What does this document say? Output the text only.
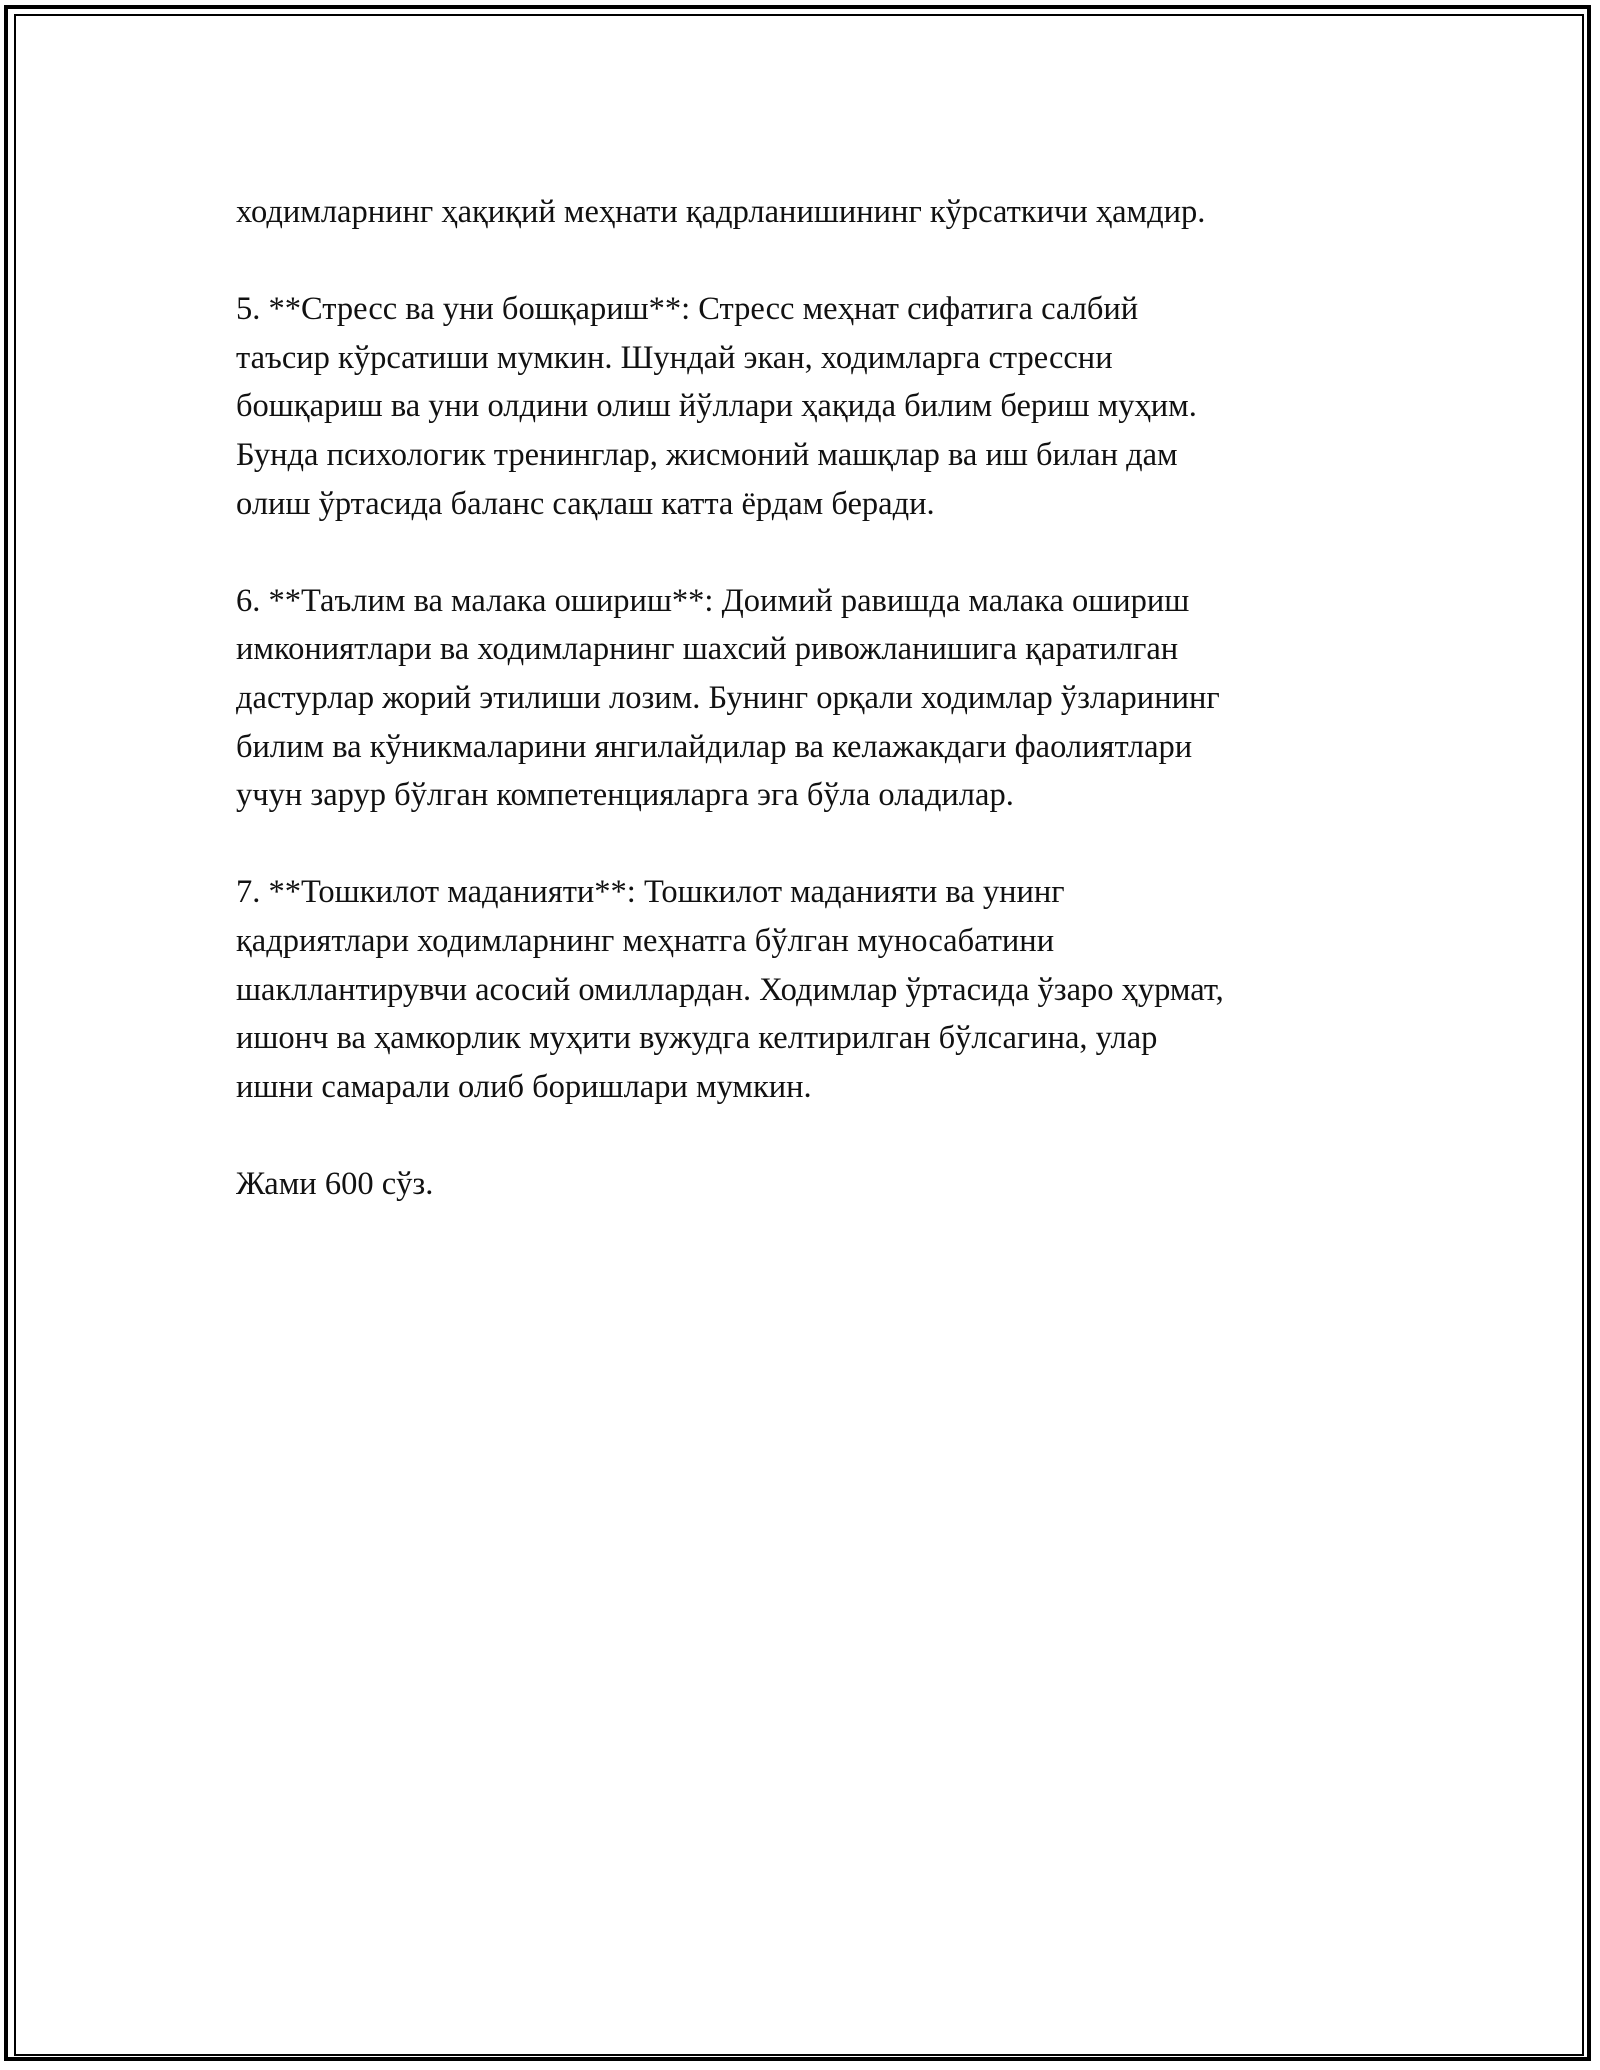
ходимларнинг ҳақиқий меҳнати қадрланишининг кўрсаткичи ҳамдир.

5. **Стресс ва уни бошқариш**: Стресс меҳнат сифатига салбий
таъсир кўрсатиши мумкин. Шундай экан, ходимларга стрессни
бошқариш ва уни олдини олиш йўллари ҳақида билим бериш муҳим.
Бунда психологик тренинглар, жисмоний машқлар ва иш билан дам
олиш ўртасида баланс сақлаш катта ёрдам беради.

6. **Таълим ва малака ошириш**: Доимий равишда малака ошириш
имкониятлари ва ходимларнинг шахсий ривожланишига қаратилган
дастурлар жорий этилиши лозим. Бунинг орқали ходимлар ўзларининг
билим ва кўникмаларини янгилайдилар ва келажакдаги фаолиятлари
учун зарур бўлган компетенцияларга эга бўла оладилар.

7. **Тошкилот маданияти**: Тошкилот маданияти ва унинг
қадриятлари ходимларнинг меҳнатга бўлган муносабатини
шакллантирувчи асосий омиллардан. Ходимлар ўртасида ўзаро ҳурмат,
ишонч ва ҳамкорлик муҳити вужудга келтирилган бўлсагина, улар
ишни самарали олиб боришлари мумкин.

Жами 600 сўз.
